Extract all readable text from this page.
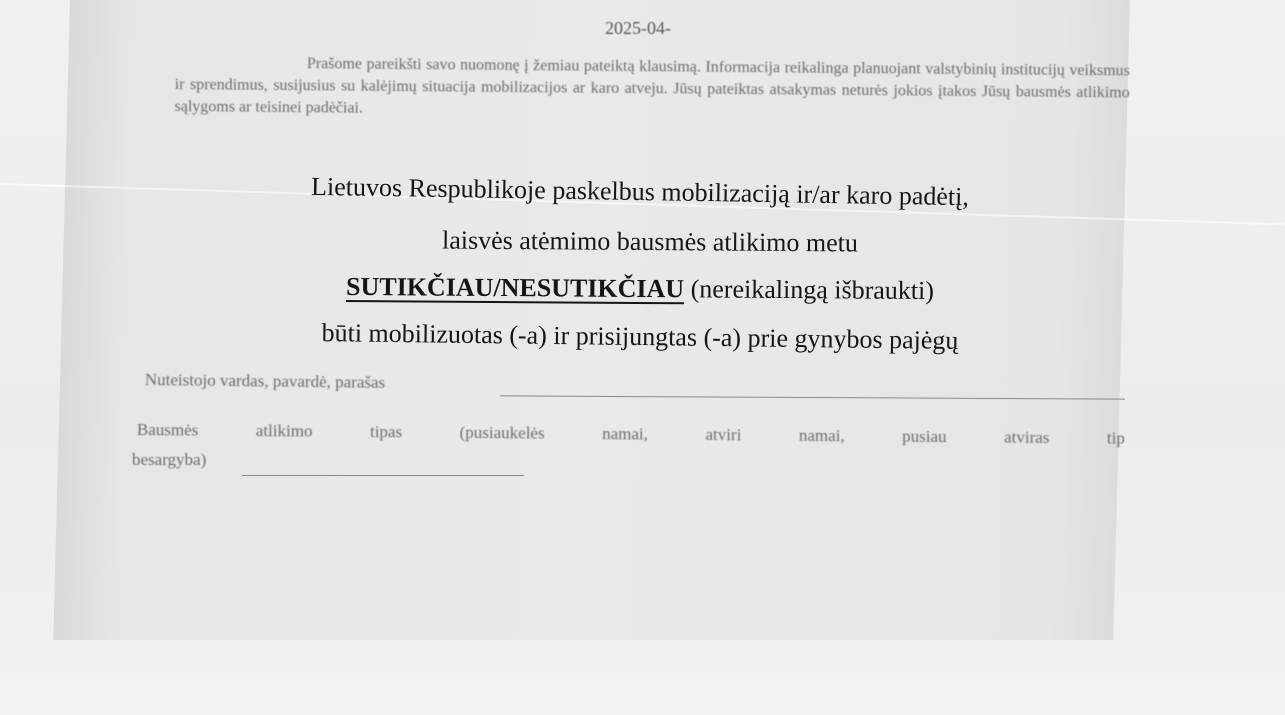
2025-04-

Prašome pareikšti savo nuomonę į žemiau pateiktą klausimą. Informacija reikalinga planuojant valstybinių institucijų veiksmus ir sprendimus, susijusius su kalėjimų situacija mobilizacijos ar karo atveju. Jūsų pateiktas atsakymas neturės jokios įtakos Jūsų bausmės atlikimo sąlygoms ar teisinei padėčiai.

Lietuvos Respublikoje paskelbus mobilizaciją ir/ar karo padėtį,

laisvės atėmimo bausmės atlikimo metu

SUTIKČIAU/NESUTIKČIAU (nereikalingą išbraukti)

būti mobilizuotas (-a) ir prisijungtas (-a) prie gynybos pajėgų

Nuteistojo vardas, pavardė, parašas

Bausmės atlikimo tipas (pusiaukelės namai, atviri namai, pusiau atviras tip

besargyba)
